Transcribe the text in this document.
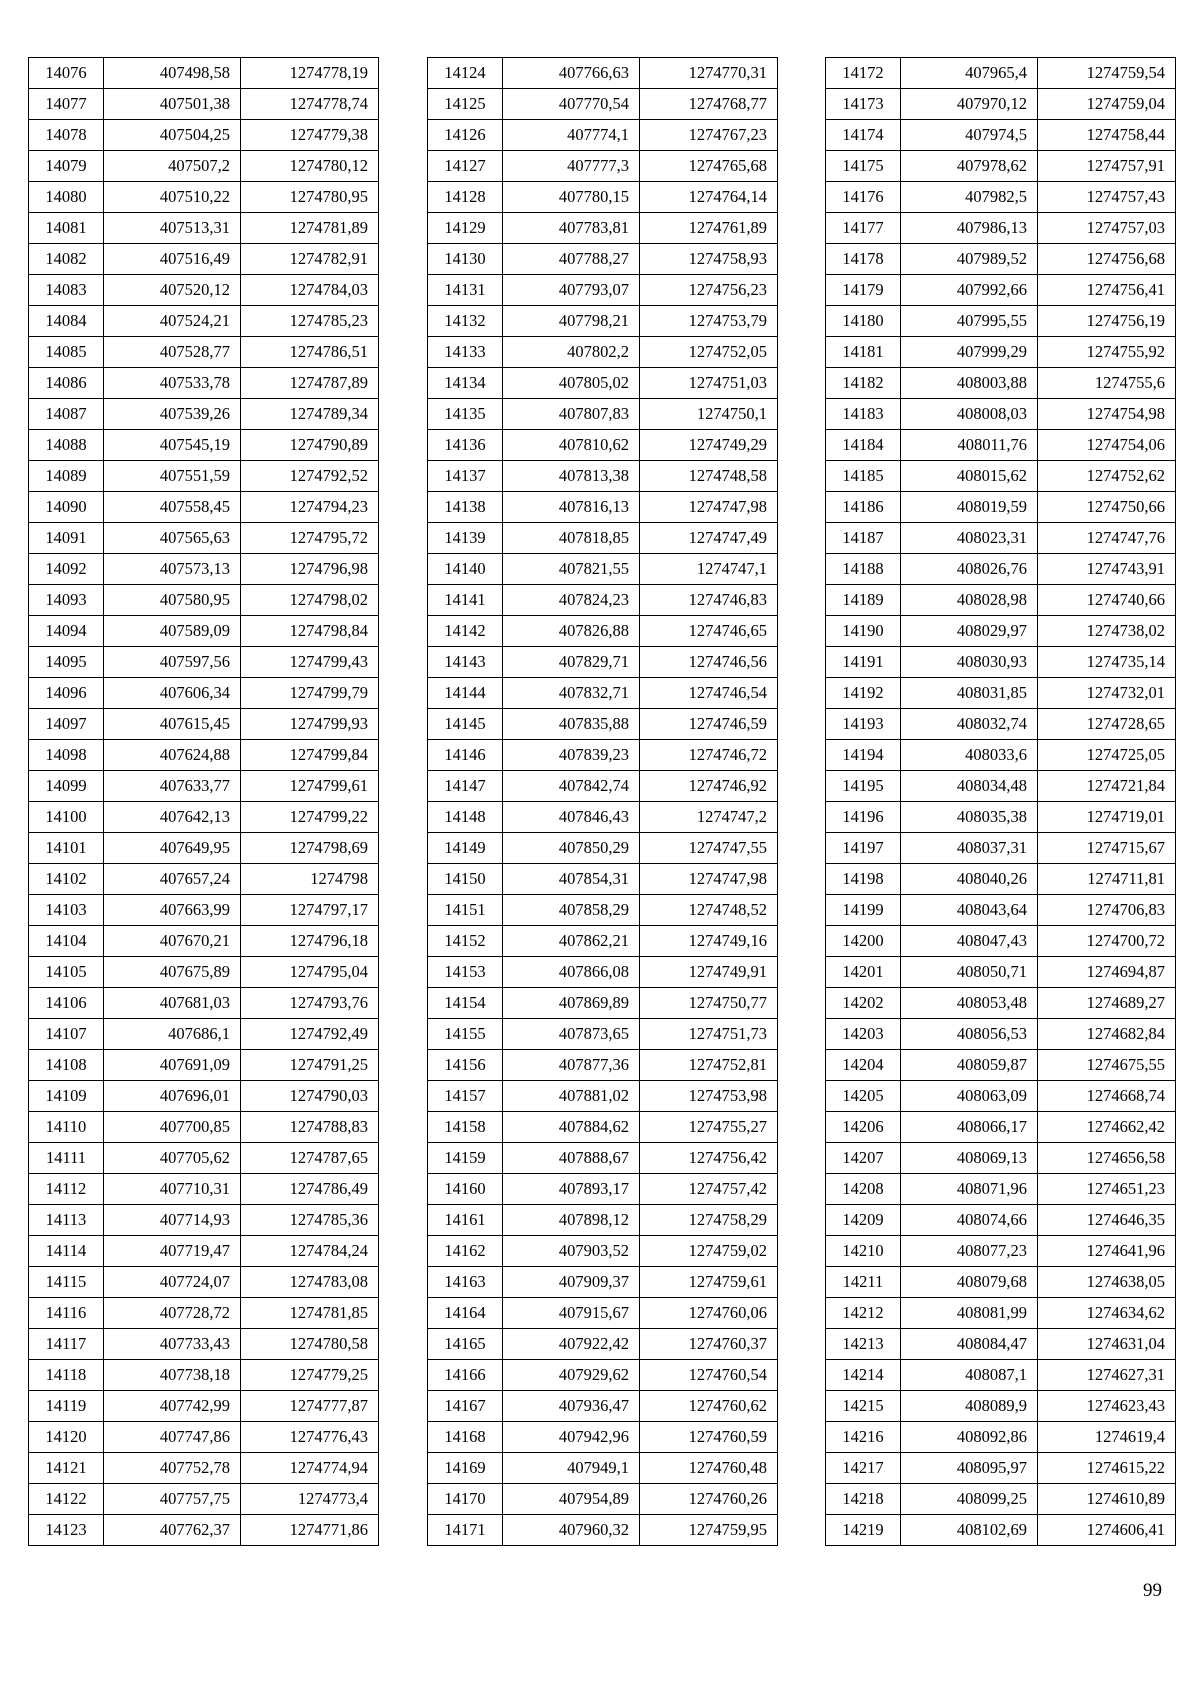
14076	407498,58	1274778,19
14077	407501,38	1274778,74
14078	407504,25	1274779,38
14079	407507,2	1274780,12
14080	407510,22	1274780,95
14081	407513,31	1274781,89
14082	407516,49	1274782,91
14083	407520,12	1274784,03
14084	407524,21	1274785,23
14085	407528,77	1274786,51
14086	407533,78	1274787,89
14087	407539,26	1274789,34
14088	407545,19	1274790,89
14089	407551,59	1274792,52
14090	407558,45	1274794,23
14091	407565,63	1274795,72
14092	407573,13	1274796,98
14093	407580,95	1274798,02
14094	407589,09	1274798,84
14095	407597,56	1274799,43
14096	407606,34	1274799,79
14097	407615,45	1274799,93
14098	407624,88	1274799,84
14099	407633,77	1274799,61
14100	407642,13	1274799,22
14101	407649,95	1274798,69
14102	407657,24	1274798
14103	407663,99	1274797,17
14104	407670,21	1274796,18
14105	407675,89	1274795,04
14106	407681,03	1274793,76
14107	407686,1	1274792,49
14108	407691,09	1274791,25
14109	407696,01	1274790,03
14110	407700,85	1274788,83
14111	407705,62	1274787,65
14112	407710,31	1274786,49
14113	407714,93	1274785,36
14114	407719,47	1274784,24
14115	407724,07	1274783,08
14116	407728,72	1274781,85
14117	407733,43	1274780,58
14118	407738,18	1274779,25
14119	407742,99	1274777,87
14120	407747,86	1274776,43
14121	407752,78	1274774,94
14122	407757,75	1274773,4
14123	407762,37	1274771,86
14124	407766,63	1274770,31
14125	407770,54	1274768,77
14126	407774,1	1274767,23
14127	407777,3	1274765,68
14128	407780,15	1274764,14
14129	407783,81	1274761,89
14130	407788,27	1274758,93
14131	407793,07	1274756,23
14132	407798,21	1274753,79
14133	407802,2	1274752,05
14134	407805,02	1274751,03
14135	407807,83	1274750,1
14136	407810,62	1274749,29
14137	407813,38	1274748,58
14138	407816,13	1274747,98
14139	407818,85	1274747,49
14140	407821,55	1274747,1
14141	407824,23	1274746,83
14142	407826,88	1274746,65
14143	407829,71	1274746,56
14144	407832,71	1274746,54
14145	407835,88	1274746,59
14146	407839,23	1274746,72
14147	407842,74	1274746,92
14148	407846,43	1274747,2
14149	407850,29	1274747,55
14150	407854,31	1274747,98
14151	407858,29	1274748,52
14152	407862,21	1274749,16
14153	407866,08	1274749,91
14154	407869,89	1274750,77
14155	407873,65	1274751,73
14156	407877,36	1274752,81
14157	407881,02	1274753,98
14158	407884,62	1274755,27
14159	407888,67	1274756,42
14160	407893,17	1274757,42
14161	407898,12	1274758,29
14162	407903,52	1274759,02
14163	407909,37	1274759,61
14164	407915,67	1274760,06
14165	407922,42	1274760,37
14166	407929,62	1274760,54
14167	407936,47	1274760,62
14168	407942,96	1274760,59
14169	407949,1	1274760,48
14170	407954,89	1274760,26
14171	407960,32	1274759,95
14172	407965,4	1274759,54
14173	407970,12	1274759,04
14174	407974,5	1274758,44
14175	407978,62	1274757,91
14176	407982,5	1274757,43
14177	407986,13	1274757,03
14178	407989,52	1274756,68
14179	407992,66	1274756,41
14180	407995,55	1274756,19
14181	407999,29	1274755,92
14182	408003,88	1274755,6
14183	408008,03	1274754,98
14184	408011,76	1274754,06
14185	408015,62	1274752,62
14186	408019,59	1274750,66
14187	408023,31	1274747,76
14188	408026,76	1274743,91
14189	408028,98	1274740,66
14190	408029,97	1274738,02
14191	408030,93	1274735,14
14192	408031,85	1274732,01
14193	408032,74	1274728,65
14194	408033,6	1274725,05
14195	408034,48	1274721,84
14196	408035,38	1274719,01
14197	408037,31	1274715,67
14198	408040,26	1274711,81
14199	408043,64	1274706,83
14200	408047,43	1274700,72
14201	408050,71	1274694,87
14202	408053,48	1274689,27
14203	408056,53	1274682,84
14204	408059,87	1274675,55
14205	408063,09	1274668,74
14206	408066,17	1274662,42
14207	408069,13	1274656,58
14208	408071,96	1274651,23
14209	408074,66	1274646,35
14210	408077,23	1274641,96
14211	408079,68	1274638,05
14212	408081,99	1274634,62
14213	408084,47	1274631,04
14214	408087,1	1274627,31
14215	408089,9	1274623,43
14216	408092,86	1274619,4
14217	408095,97	1274615,22
14218	408099,25	1274610,89
14219	408102,69	1274606,41
99
